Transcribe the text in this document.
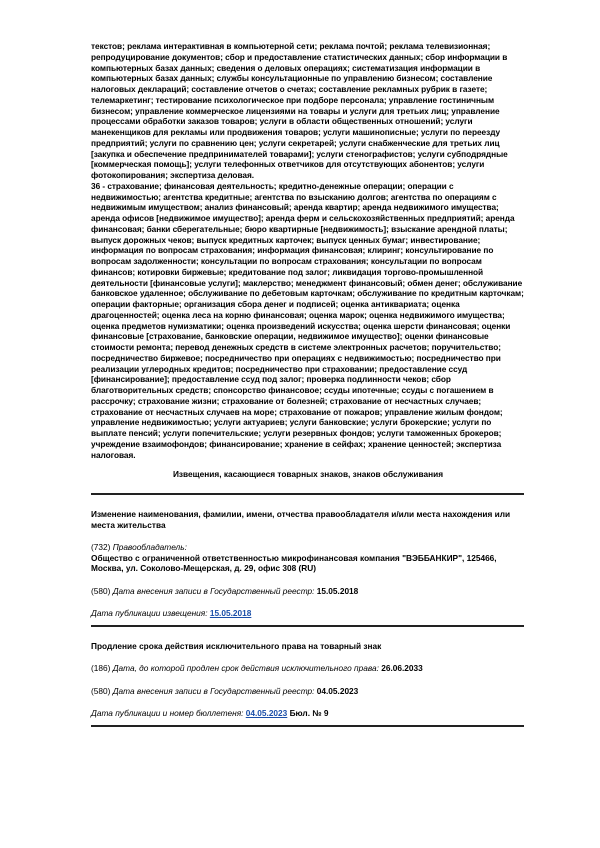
текстов; реклама интерактивная в компьютерной сети; реклама почтой; реклама телевизионная; репродуцирование документов; сбор и предоставление статистических данных; сбор информации в компьютерных базах данных; сведения о деловых операциях; систематизация информации в компьютерных базах данных; службы консультационные по управлению бизнесом; составление налоговых деклараций; составление отчетов о счетах; составление рекламных рубрик в газете; телемаркетинг; тестирование психологическое при подборе персонала; управление гостиничным бизнесом; управление коммерческое лицензиями на товары и услуги для третьих лиц; управление процессами обработки заказов товаров; услуги в области общественных отношений; услуги манекенщиков для рекламы или продвижения товаров; услуги машинописные; услуги по переезду предприятий; услуги по сравнению цен; услуги секретарей; услуги снабженческие для третьих лиц [закупка и обеспечение предпринимателей товарами]; услуги стенографистов; услуги субподрядные [коммерческая помощь]; услуги телефонных ответчиков для отсутствующих абонентов; услуги фотокопирования; экспертиза деловая.

36 - страхование; финансовая деятельность; кредитно-денежные операции; операции с недвижимостью; агентства кредитные; агентства по взысканию долгов; агентства по операциям с недвижимым имуществом; анализ финансовый; аренда квартир; аренда недвижимого имущества; аренда офисов [недвижимое имущество]; аренда ферм и сельскохозяйственных предприятий; аренда финансовая; банки сберегательные; бюро квартирные [недвижимость]; взыскание арендной платы; выпуск дорожных чеков; выпуск кредитных карточек; выпуск ценных бумаг; инвестирование; информация по вопросам страхования; информация финансовая; клиринг; консультирование по вопросам задолженности; консультации по вопросам страхования; консультации по вопросам финансов; котировки биржевые; кредитование под залог; ликвидация торгово-промышленной деятельности [финансовые услуги]; маклерство; менеджмент финансовый; обмен денег; обслуживание банковское удаленное; обслуживание по дебетовым карточкам; обслуживание по кредитным карточкам; операции факторные; организация сбора денег и подписей; оценка антиквариата; оценка драгоценностей; оценка леса на корню финансовая; оценка марок; оценка недвижимого имущества; оценка предметов нумизматики; оценка произведений искусства; оценка шерсти финансовая; оценки финансовые [страхование, банковские операции, недвижимое имущество]; оценки финансовые стоимости ремонта; перевод денежных средств в системе электронных расчетов; поручительство; посредничество биржевое; посредничество при операциях с недвижимостью; посредничество при реализации углеродных кредитов; посредничество при страховании; предоставление ссуд [финансирование]; предоставление ссуд под залог; проверка подлинности чеков; сбор благотворительных средств; спонсорство финансовое; ссуды ипотечные; ссуды с погашением в рассрочку; страхование жизни; страхование от болезней; страхование от несчастных случаев; страхование от несчастных случаев на море; страхование от пожаров; управление жилым фондом; управление недвижимостью; услуги актуариев; услуги банковские; услуги брокерские; услуги по выплате пенсий; услуги попечительские; услуги резервных фондов; услуги таможенных брокеров; учреждение взаимофондов; финансирование; хранение в сейфах; хранение ценностей; экспертиза налоговая.

Извещения, касающиеся товарных знаков, знаков обслуживания

Изменение наименования, фамилии, имени, отчества правообладателя и/или места нахождения или места жительства

(732) Правообладатель:

Общество с ограниченной ответственностью микрофинансовая компания "ВЭББАНКИР", 125466, Москва, ул. Соколово-Мещерская, д. 29, офис 308 (RU)

(580) Дата внесения записи в Государственный реестр: 15.05.2018

Дата публикации извещения: 15.05.2018

Продление срока действия исключительного права на товарный знак

(186) Дата, до которой продлен срок действия исключительного права: 26.06.2033

(580) Дата внесения записи в Государственный реестр: 04.05.2023

Дата публикации и номер бюллетеня: 04.05.2023 Бюл. № 9
